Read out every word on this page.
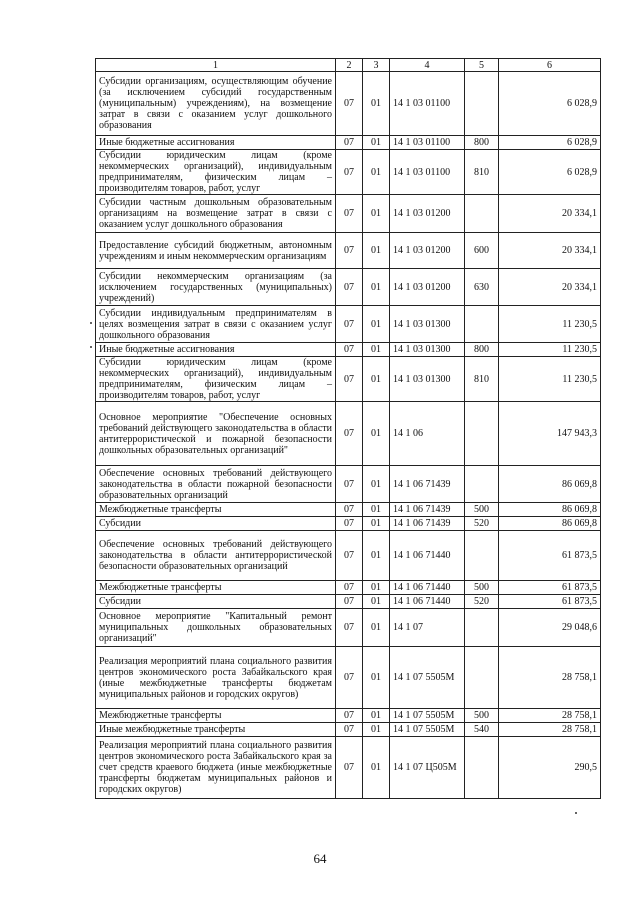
1	2	3	4	5	6
Субсидии организациям, осуществляющим обучение (за исключением субсидий государственным (муниципальным) учреждениям), на возмещение затрат в связи с оказанием услуг дошкольного образования	07	01	14 1 03 01100		6 028,9
Иные бюджетные ассигнования	07	01	14 1 03 01100	800	6 028,9
Субсидии юридическим лицам (кроме некоммерческих организаций), индивидуальным предпринимателям, физическим лицам – производителям товаров, работ, услуг	07	01	14 1 03 01100	810	6 028,9
Субсидии частным дошкольным образовательным организациям на возмещение затрат в связи с оказанием услуг дошкольного образования	07	01	14 1 03 01200		20 334,1
Предоставление субсидий бюджетным, автономным учреждениям и иным некоммерческим организациям	07	01	14 1 03 01200	600	20 334,1
Субсидии некоммерческим организациям (за исключением государственных (муниципальных) учреждений)	07	01	14 1 03 01200	630	20 334,1
Субсидии индивидуальным предпринимателям в целях возмещения затрат в связи с оказанием услуг дошкольного образования	07	01	14 1 03 01300		11 230,5
Иные бюджетные ассигнования	07	01	14 1 03 01300	800	11 230,5
Субсидии юридическим лицам (кроме некоммерческих организаций), индивидуальным предпринимателям, физическим лицам – производителям товаров, работ, услуг	07	01	14 1 03 01300	810	11 230,5
Основное мероприятие "Обеспечение основных требований действующего законодательства в области антитеррористической и пожарной безопасности дошкольных образовательных организаций"	07	01	14 1 06		147 943,3
Обеспечение основных требований действующего законодательства в области пожарной безопасности образовательных организаций	07	01	14 1 06 71439		86 069,8
Межбюджетные трансферты	07	01	14 1 06 71439	500	86 069,8
Субсидии	07	01	14 1 06 71439	520	86 069,8
Обеспечение основных требований действующего законодательства в области антитеррористической безопасности образовательных организаций	07	01	14 1 06 71440		61 873,5
Межбюджетные трансферты	07	01	14 1 06 71440	500	61 873,5
Субсидии	07	01	14 1 06 71440	520	61 873,5
Основное мероприятие "Капитальный ремонт муниципальных дошкольных образовательных организаций"	07	01	14 1 07		29 048,6
Реализация мероприятий плана социального развития центров экономического роста Забайкальского края (иные межбюджетные трансферты бюджетам муниципальных районов и городских округов)	07	01	14 1 07 5505M		28 758,1
Межбюджетные трансферты	07	01	14 1 07 5505M	500	28 758,1
Иные межбюджетные трансферты	07	01	14 1 07 5505M	540	28 758,1
Реализация мероприятий плана социального развития центров экономического роста Забайкальского края за счет средств краевого бюджета (иные межбюджетные трансферты бюджетам муниципальных районов и городских округов)	07	01	14 1 07 Ц505M		290,5
64
